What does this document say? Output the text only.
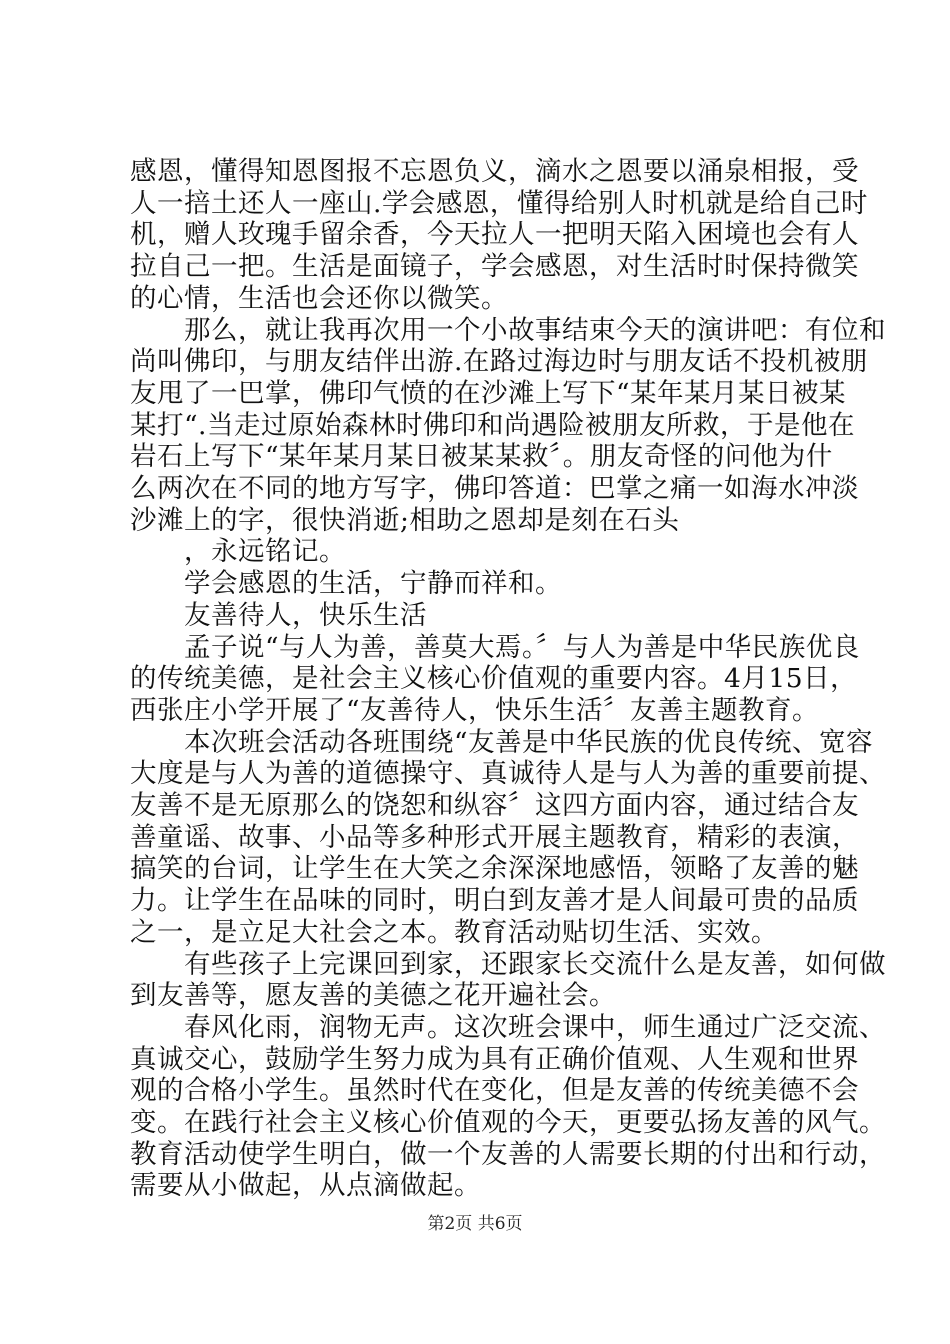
感恩，懂得知恩图报不忘恩负义，滴水之恩要以涌泉相报，受
人一掊土还人一座山.学会感恩，懂得给别人时机就是给自己时
机，赠人玫瑰手留余香，今天拉人一把明天陷入困境也会有人
拉自己一把。生活是面镜子，学会感恩，对生活时时保持微笑
的心情，生活也会还你以微笑。
　　那么，就让我再次用一个小故事结束今天的演讲吧：有位和
尚叫佛印，与朋友结伴出游.在路过海边时与朋友话不投机被朋
友甩了一巴掌，佛印气愤的在沙滩上写下“某年某月某日被某
某打“.当走过原始森林时佛印和尚遇险被朋友所救，于是他在
岩石上写下“某年某月某日被某某救〞。朋友奇怪的问他为什
么两次在不同的地方写字，佛印答道：巴掌之痛一如海水冲淡
沙滩上的字，很快消逝;相助之恩却是刻在石头
　　，永远铭记。
　　学会感恩的生活，宁静而祥和。
　　友善待人，快乐生活
　　孟子说“与人为善，善莫大焉。〞与人为善是中华民族优良
的传统美德，是社会主义核心价值观的重要内容。4月15日，
西张庄小学开展了“友善待人，快乐生活〞友善主题教育。
　　本次班会活动各班围绕“友善是中华民族的优良传统、宽容
大度是与人为善的道德操守、真诚待人是与人为善的重要前提、
友善不是无原那么的饶恕和纵容〞这四方面内容，通过结合友
善童谣、故事、小品等多种形式开展主题教育，精彩的表演，
搞笑的台词，让学生在大笑之余深深地感悟，领略了友善的魅
力。让学生在品味的同时，明白到友善才是人间最可贵的品质
之一，是立足大社会之本。教育活动贴切生活、实效。
　　有些孩子上完课回到家，还跟家长交流什么是友善，如何做
到友善等，愿友善的美德之花开遍社会。
　　春风化雨，润物无声。这次班会课中，师生通过广泛交流、
真诚交心，鼓励学生努力成为具有正确价值观、人生观和世界
观的合格小学生。虽然时代在变化，但是友善的传统美德不会
变。在践行社会主义核心价值观的今天，更要弘扬友善的风气。
第2页 共6页
教育活动使学生明白，做一个友善的人需要长期的付出和行动，
需要从小做起，从点滴做起。
